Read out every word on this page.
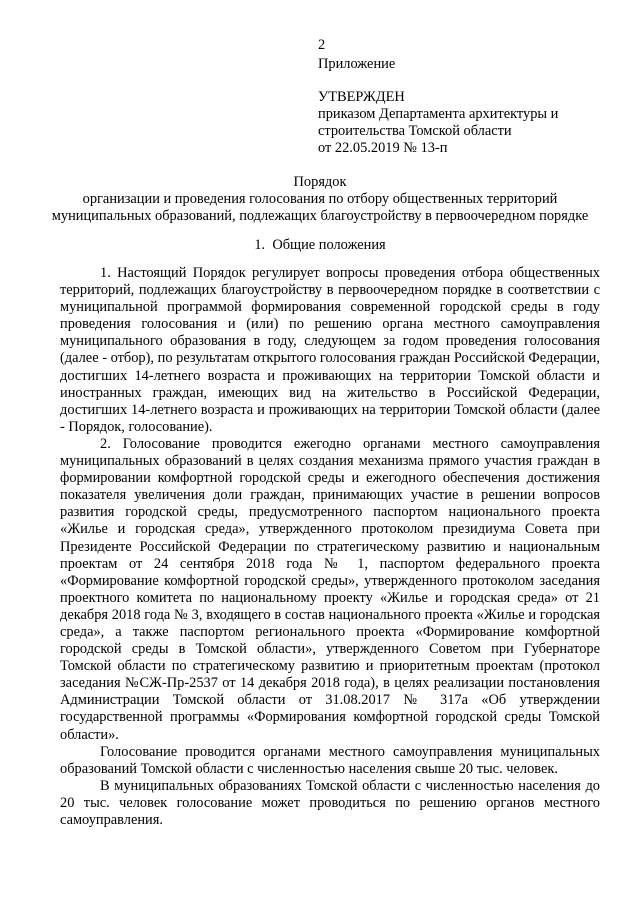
2
Приложение
УТВЕРЖДЕН
приказом Департамента архитектуры и
строительства Томской области
от 22.05.2019 № 13-п
Порядок
организации и проведения голосования по отбору общественных территорий
муниципальных образований, подлежащих благоустройству в первоочередном порядке
1. Общие положения

1. Настоящий Порядок регулирует вопросы проведения отбора общественных территорий, подлежащих благоустройству в первоочередном порядке в соответствии с муниципальной программой формирования современной городской среды в году проведения голосования и (или) по решению органа местного самоуправления муниципального образования в году, следующем за годом проведения голосования (далее - отбор), по результатам открытого голосования граждан Российской Федерации, достигших 14-летнего возраста и проживающих на территории Томской области и иностранных граждан, имеющих вид на жительство в Российской Федерации, достигших 14-летнего возраста и проживающих на территории Томской области (далее - Порядок, голосование).

2. Голосование проводится ежегодно органами местного самоуправления муниципальных образований в целях создания механизма прямого участия граждан в формировании комфортной городской среды и ежегодного обеспечения достижения показателя увеличения доли граждан, принимающих участие в решении вопросов развития городской среды, предусмотренного паспортом национального проекта «Жилье и городская среда», утвержденного протоколом президиума Совета при Президенте Российской Федерации по стратегическому развитию и национальным проектам от 24 сентября 2018 года № 1, паспортом федерального проекта «Формирование комфортной городской среды», утвержденного протоколом заседания проектного комитета по национальному проекту «Жилье и городская среда» от 21 декабря 2018 года № 3, входящего в состав национального проекта «Жилье и городская среда», а также паспортом регионального проекта «Формирование комфортной городской среды в Томской области», утвержденного Советом при Губернаторе Томской области по стратегическому развитию и приоритетным проектам (протокол заседания №СЖ-Пр-2537 от 14 декабря 2018 года), в целях реализации постановления Администрации Томской области от 31.08.2017 № 317а «Об утверждении государственной программы «Формирования комфортной городской среды Томской области».

Голосование проводится органами местного самоуправления муниципальных образований Томской области с численностью населения свыше 20 тыс. человек.

В муниципальных образованиях Томской области с численностью населения до 20 тыс. человек голосование может проводиться по решению органов местного самоуправления.
